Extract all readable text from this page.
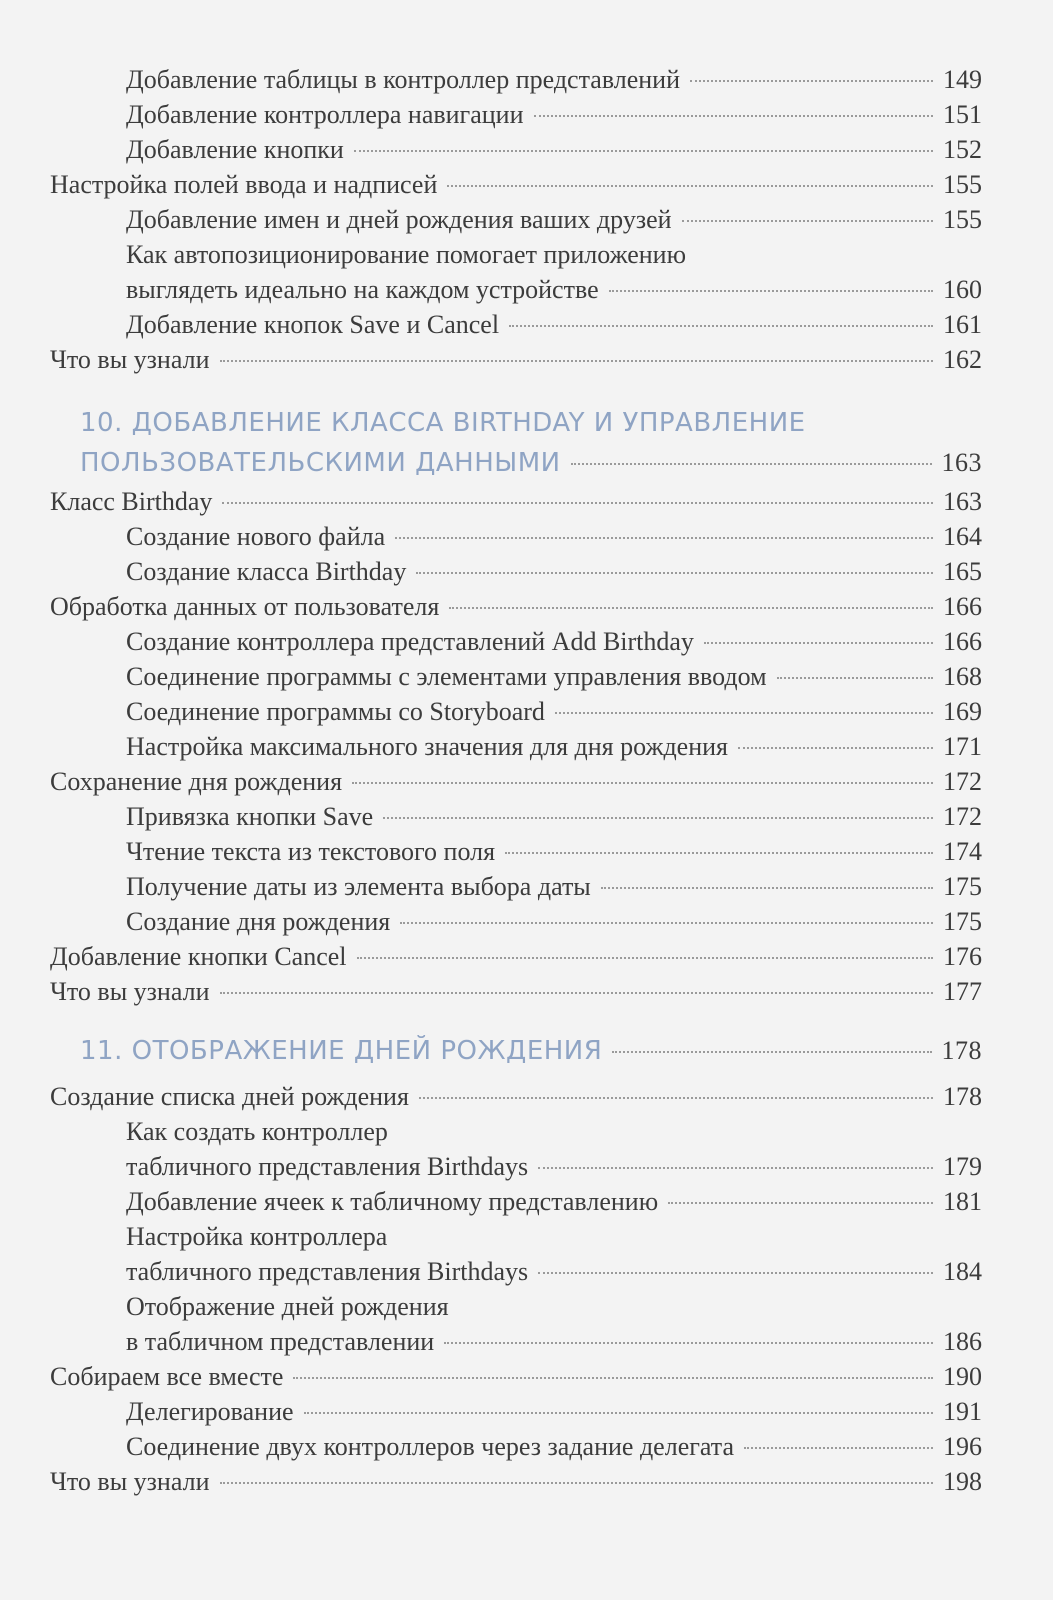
Добавление таблицы в контроллер представлений	149
Добавление контроллера навигации	151
Добавление кнопки	152
Настройка полей ввода и надписей	155
Добавление имен и дней рождения ваших друзей	155
Как автопозиционирование помогает приложению
выглядеть идеально на каждом устройстве	160
Добавление кнопок Save и Cancel	161
Что вы узнали	162
10. ДОБАВЛЕНИЕ КЛАССА BIRTHDAY И УПРАВЛЕНИЕ
ПОЛЬЗОВАТЕЛЬСКИМИ ДАННЫМИ	163
Класс Birthday	163
Создание нового файла	164
Создание класса Birthday	165
Обработка данных от пользователя	166
Создание контроллера представлений Add Birthday	166
Соединение программы с элементами управления вводом	168
Соединение программы со Storyboard	169
Настройка максимального значения для дня рождения	171
Сохранение дня рождения	172
Привязка кнопки Save	172
Чтение текста из текстового поля	174
Получение даты из элемента выбора даты	175
Создание дня рождения	175
Добавление кнопки Cancel	176
Что вы узнали	177
11. ОТОБРАЖЕНИЕ ДНЕЙ РОЖДЕНИЯ	178
Создание списка дней рождения	178
Как создать контроллер
табличного представления Birthdays	179
Добавление ячеек к табличному представлению	181
Настройка контроллера
табличного представления Birthdays	184
Отображение дней рождения
в табличном представлении	186
Собираем все вместе	190
Делегирование	191
Соединение двух контроллеров через задание делегата	196
Что вы узнали	198
